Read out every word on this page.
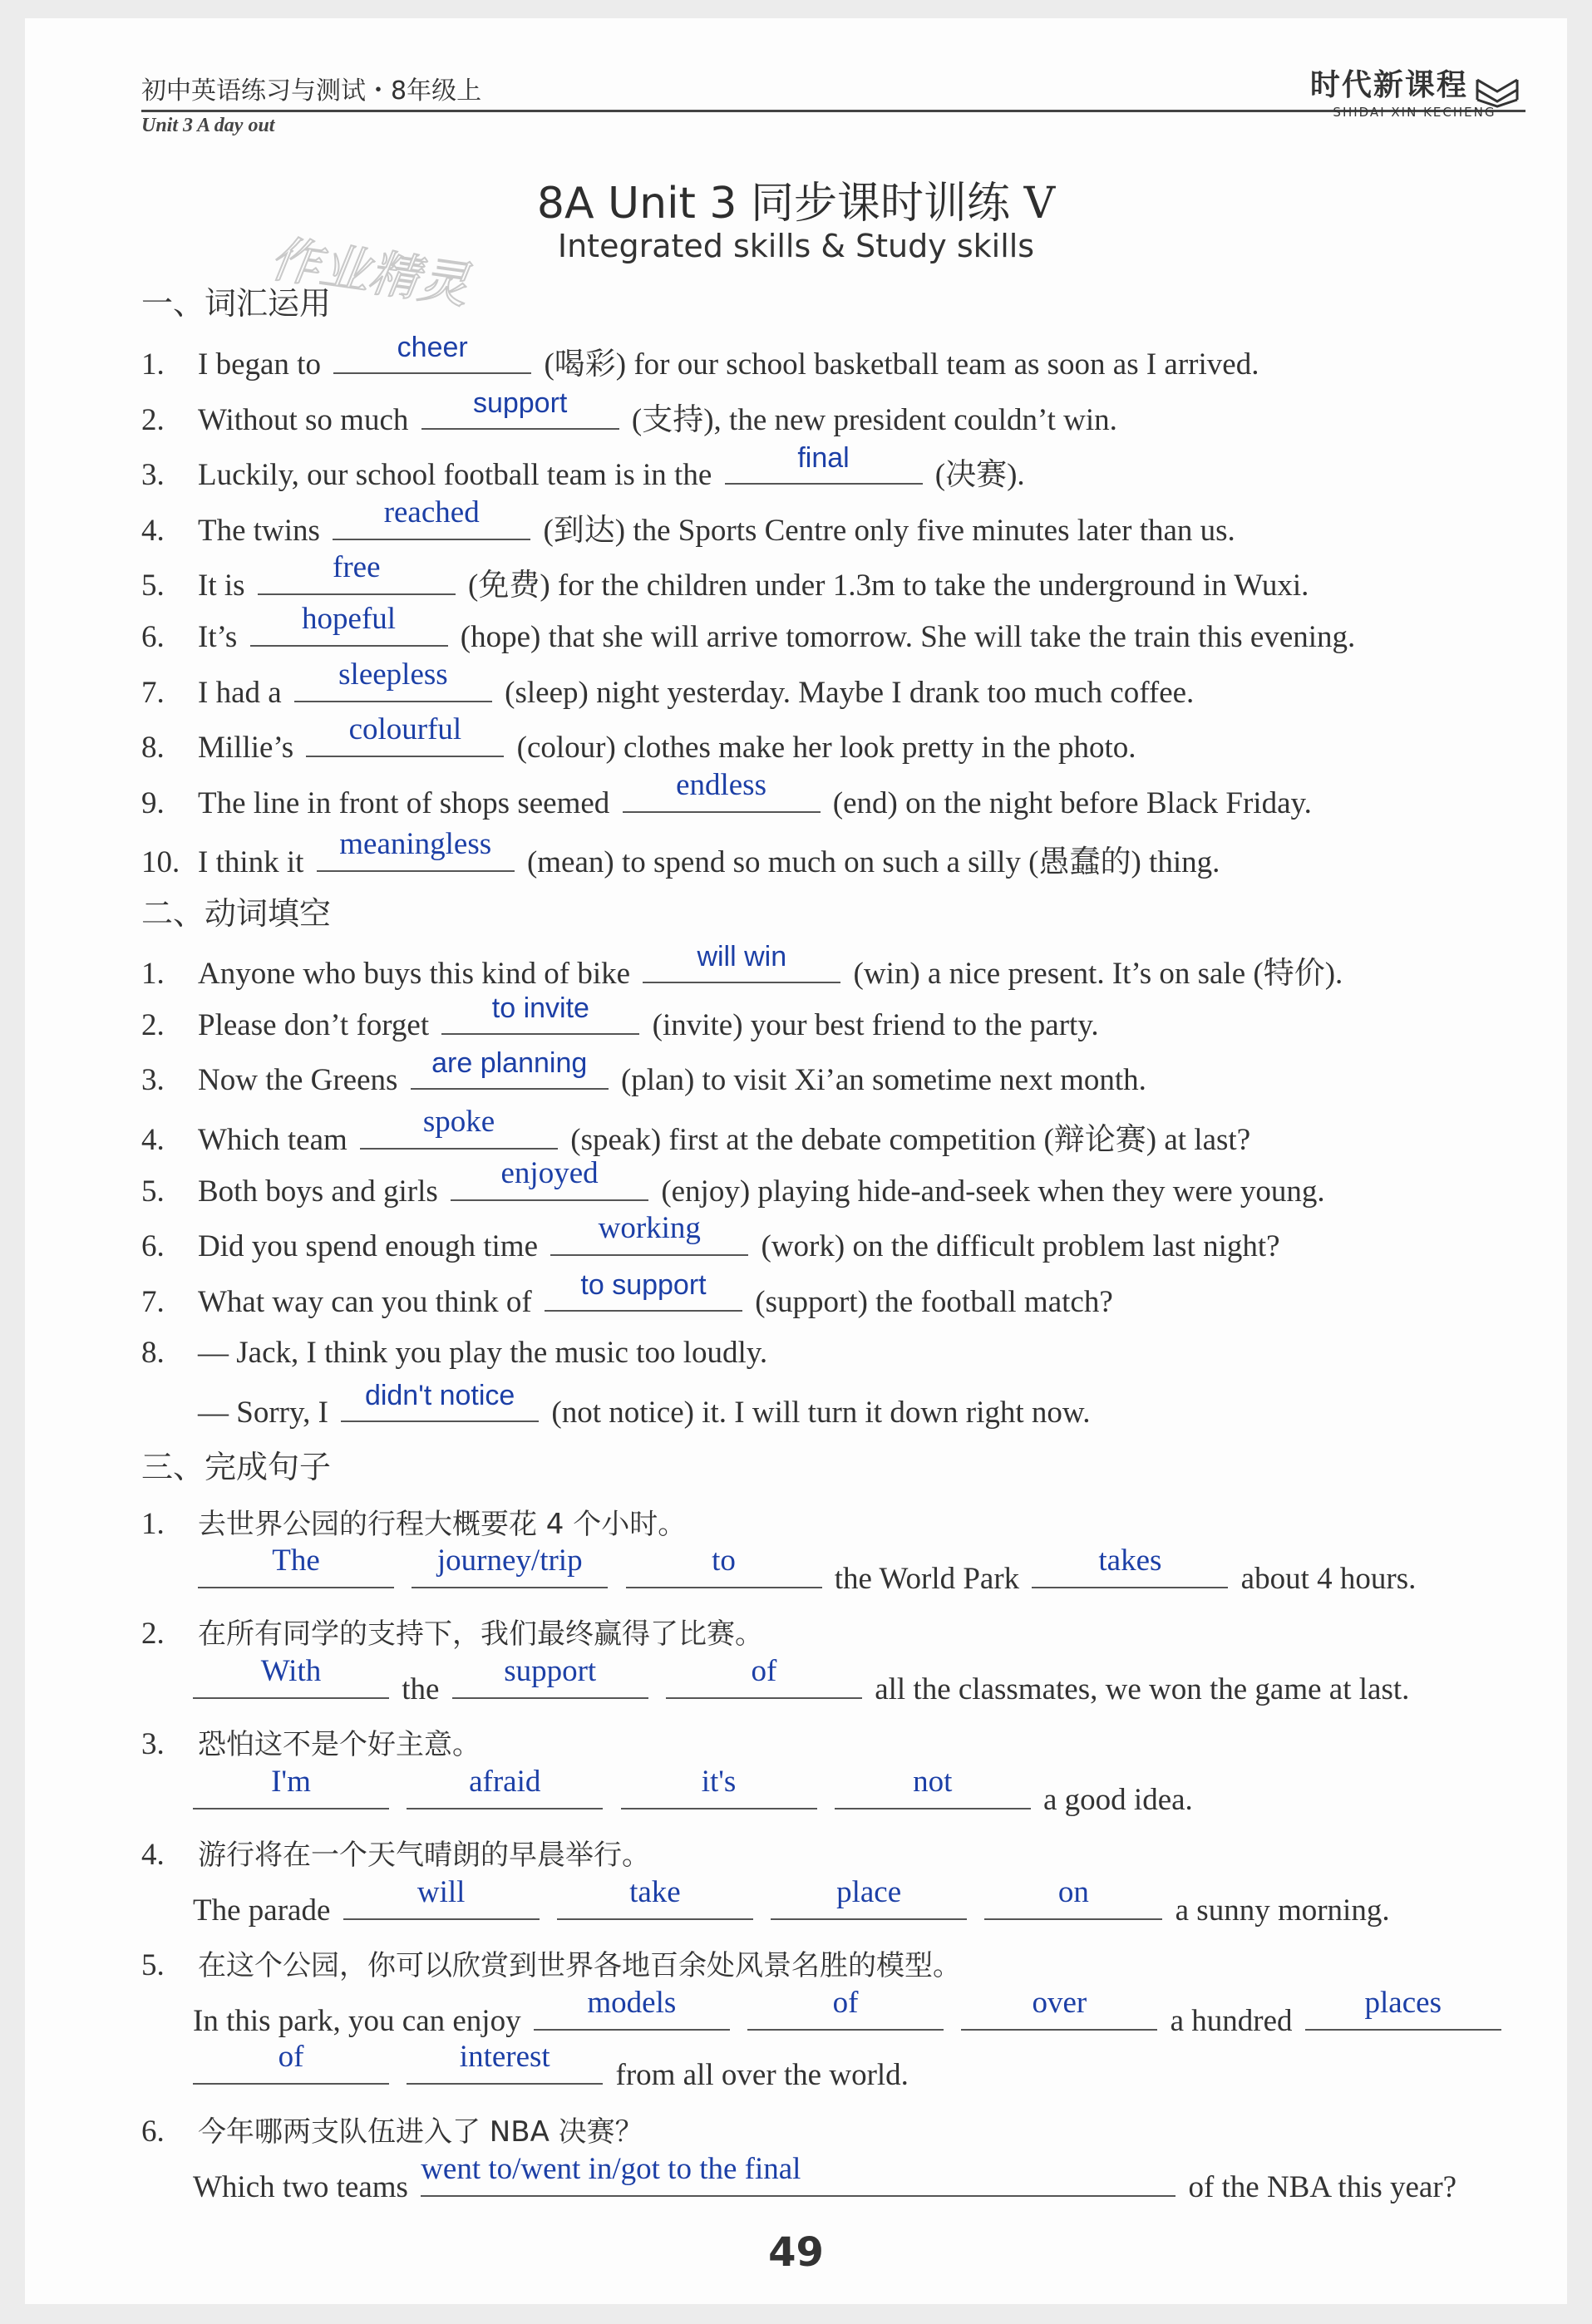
初中英语练习与测试・8年级上
Unit 3 A day out
时代新课程
SHIDAI XIN KECHENG
8A Unit 3 同步课时训练 V
作业精灵	Integrated skills & Study skills
一、词汇运用
1. I began to	cheer	(喝彩) for our school basketball team as soon as I arrived.
2. Without so much	support	(支持), the new president couldn’t win.
3. Luckily, our school football team is in the	final	(决赛).
4. The twins
reached
(到达) the Sports Centre only five minutes later than us.
5. It is
free
(免费) for the children under 1.3m to take the underground in Wuxi.
6. It’s
hopeful
(hope) that she will arrive tomorrow. She will take the train this evening.
7. I had a
sleepless
(sleep) night yesterday. Maybe I drank too much coffee.
8. Millie’s
colourful
(colour) clothes make her look pretty in the photo.
9. The line in front of shops seemed
endless
(end) on the night before Black Friday.
10. I think it
meaningless
(mean) to spend so much on such a silly (愚蠢的) thing.
二、动词填空
1. Anyone who buys this kind of bike	will win	(win) a nice present. It’s on sale (特价).
2. Please don’t forget	to invite	(invite) your best friend to the party.
3. Now the Greens	are planning	(plan) to visit Xi’an sometime next month.
4. Which team
spoke
(speak) first at the debate competition (辩论赛) at last?
5. Both boys and girls
enjoyed
(enjoy) playing hide-and-seek when they were young.
6. Did you spend enough time
working
(work) on the difficult problem last night?
7. What way can you think of	to support	(support) the football match?
8. — Jack, I think you play the music too loudly.
— Sorry, I	didn't notice	(not notice) it. I will turn it down right now.
三、完成句子
1. 去世界公园的行程大概要花 4 个小时。
The
	journey/trip
	to
the World Park
takes
about 4 hours.
2. 在所有同学的支持下，我们最终赢得了比赛。
With
the
support
	of
all the classmates, we won the game at last.
3. 恐怕这不是个好主意。
I'm
	afraid
	it's
	not
a good idea.
4. 游行将在一个天气晴朗的早晨举行。
The parade
will
	take
	place
	on
a sunny morning.
5. 在这个公园，你可以欣赏到世界各地百余处风景名胜的模型。
In this park, you can enjoy
models
	of
	over
a hundred
places
of
	interest
from all over the world.
6. 今年哪两支队伍进入了 NBA 决赛？
Which two teams
went to/went in/got to the final
of the NBA this year?
49
